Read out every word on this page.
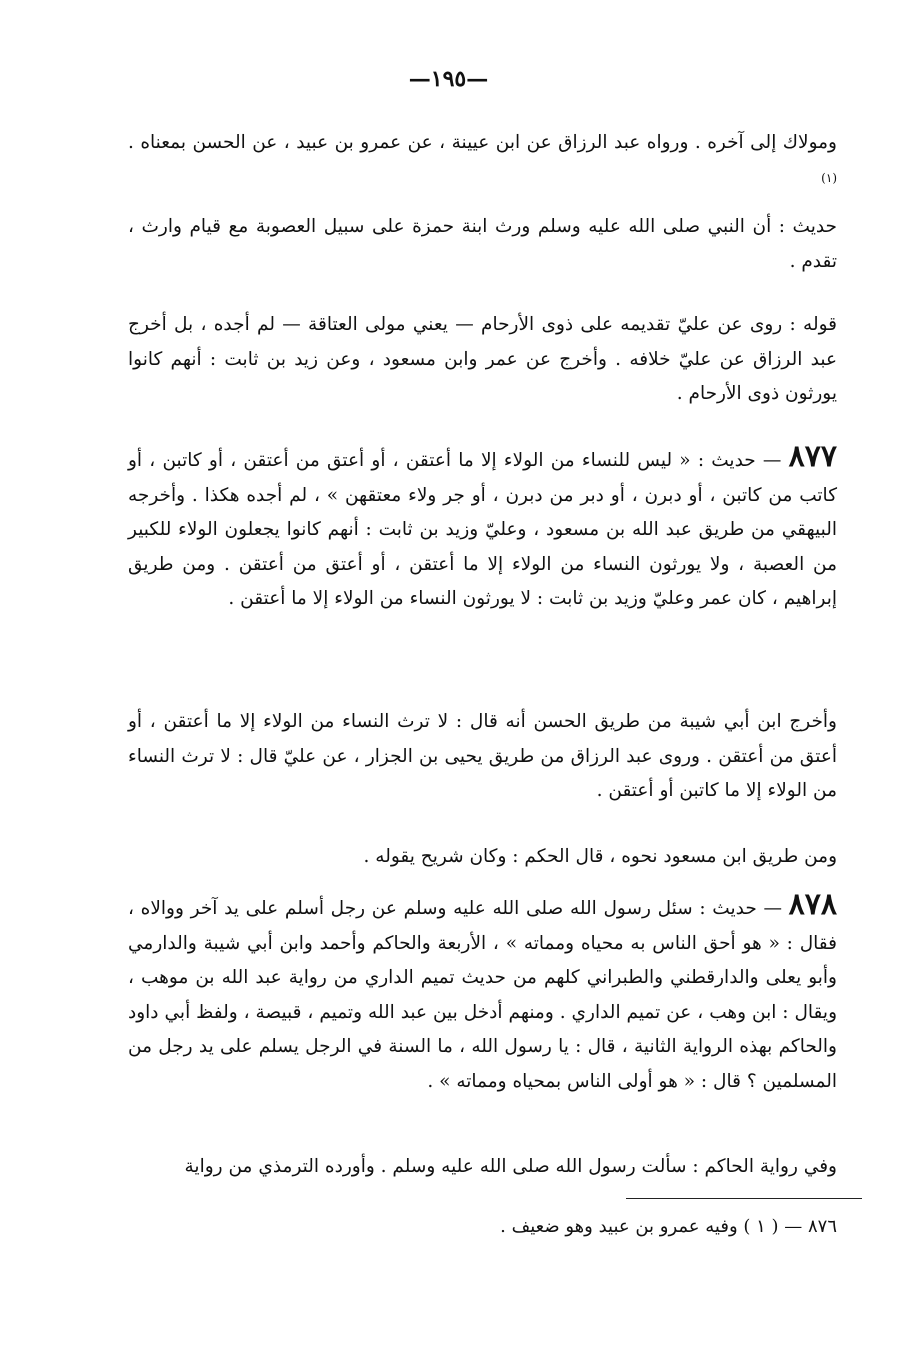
—١٩٥—
ومولاك إلى آخره . ورواه عبد الرزاق عن ابن عيينة ، عن عمرو بن عبيد ، عن الحسن بمعناه . $^{(١)}$
حديث : أن النبي صلى الله عليه وسلم ورث ابنة حمزة على سبيل العصوبة مع قيام وارث ، تقدم .
قوله : روى عن عليّ تقديمه على ذوى الأرحام — يعني مولى العتاقة — لم أجده ، بل أخرج عبد الرزاق عن عليّ خلافه . وأخرج عن عمر وابن مسعود ، وعن زيد بن ثابت : أنهم كانوا يورثون ذوى الأرحام .
٨٧٧ — حديث : « ليس للنساء من الولاء إلا ما أعتقن ، أو أعتق من أعتقن ، أو كاتبن ، أو كاتب من كاتبن ، أو دبرن ، أو دبر من دبرن ، أو جر ولاء معتقهن » ، لم أجده هكذا . وأخرجه البيهقي من طريق عبد الله بن مسعود ، وعليّ وزيد بن ثابت : أنهم كانوا يجعلون الولاء للكبير من العصبة ، ولا يورثون النساء من الولاء إلا ما أعتقن ، أو أعتق من أعتقن . ومن طريق إبراهيم ، كان عمر وعليّ وزيد بن ثابت : لا يورثون النساء من الولاء إلا ما أعتقن .
وأخرج ابن أبي شيبة من طريق الحسن أنه قال : لا ترث النساء من الولاء إلا ما أعتقن ، أو أعتق من أعتقن . وروى عبد الرزاق من طريق يحيى بن الجزار ، عن عليّ قال : لا ترث النساء من الولاء إلا ما كاتبن أو أعتقن .
ومن طريق ابن مسعود نحوه ، قال الحكم : وكان شريح يقوله .
٨٧٨ — حديث : سئل رسول الله صلى الله عليه وسلم عن رجل أسلم على يد آخر ووالاه ، فقال : « هو أحق الناس به محياه ومماته » ، الأربعة والحاكم وأحمد وابن أبي شيبة والدارمي وأبو يعلى والدارقطني والطبراني كلهم من حديث تميم الداري من رواية عبد الله بن موهب ، ويقال : ابن وهب ، عن تميم الداري . ومنهم أدخل بين عبد الله وتميم ، قبيصة ، ولفظ أبي داود والحاكم بهذه الرواية الثانية ، قال : يا رسول الله ، ما السنة في الرجل يسلم على يد رجل من المسلمين ؟ قال : « هو أولى الناس بمحياه ومماته » .
وفي رواية الحاكم : سألت رسول الله صلى الله عليه وسلم . وأورده الترمذي من رواية
٨٧٦ — ( ١ ) وفيه عمرو بن عبيد وهو ضعيف .
